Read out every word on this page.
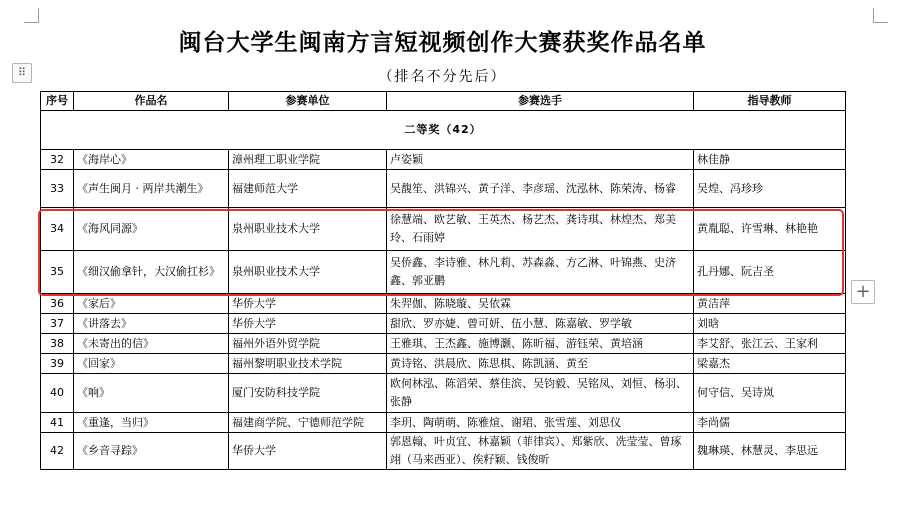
⠿
闽台大学生闽南方言短视频创作大赛获奖作品名单
（排名不分先后）
序号	作品名	参赛单位	参赛选手	指导教师
二等奖（42）				
32	《海岸心》	漳州理工职业学院	卢姿颖	林佳静
33	《声生闽月 · 两岸共潮生》	福建师范大学	吴馥笙、洪锦兴、黄子洋、李彦瑶、沈泓林、陈荣涛、杨睿	吴煌、冯珍珍
34	《海风同源》	泉州职业技术大学	徐慧端、欧艺敏、王英杰、杨艺杰、龚诗琪、林煌杰、郑美玲、石雨婷	黄胤聪、许雪琳、林艳艳
35	《细汉偷拿针，大汉偷扛杉》	泉州职业技术大学	吴侨鑫、李诗雅、林凡莉、苏森淼、方乙淋、叶锦燕、史济鑫、郭亚鹏	孔丹娜、阮吉圣
36	《家后》	华侨大学	朱羿伽、陈晓璇、吴依霖	黄洁萍
37	《讲落去》	华侨大学	甜欣、罗亦婕、曾可妍、伍小慧、陈嘉敏、罗学敏	刘晗
38	《未寄出的信》	福州外语外贸学院	王雅琪、王杰鑫、施博灏、陈昕福、游钰荣、黄培涵	李艾舒、张江云、王家利
39	《回家》	福州黎明职业技术学院	黄诗铭、洪晨欣、陈思棋、陈凯涵、黄至	梁嘉杰
40	《响》	厦门安防科技学院	欧何林泓、陈滔荣、蔡佳滨、吴钧毅、吴铭凤、刘恒、杨羽、张静	何守信、吴诗岚
41	《重逢，当归》	福建商学院、宁德师范学院	李玥、陶萌萌、陈雅煊、谢珺、张雪莲、刘思仪	李尚儒
42	《乡音寻踪》	华侨大学	郭恩翰、叶贞宜、林嘉颖（菲律宾）、郑紫欣、冼莹莹、曾琢翊（马来西亚）、俟籽颖、钱俊昕	魏琳瑛、林慧灵、李思远
+
